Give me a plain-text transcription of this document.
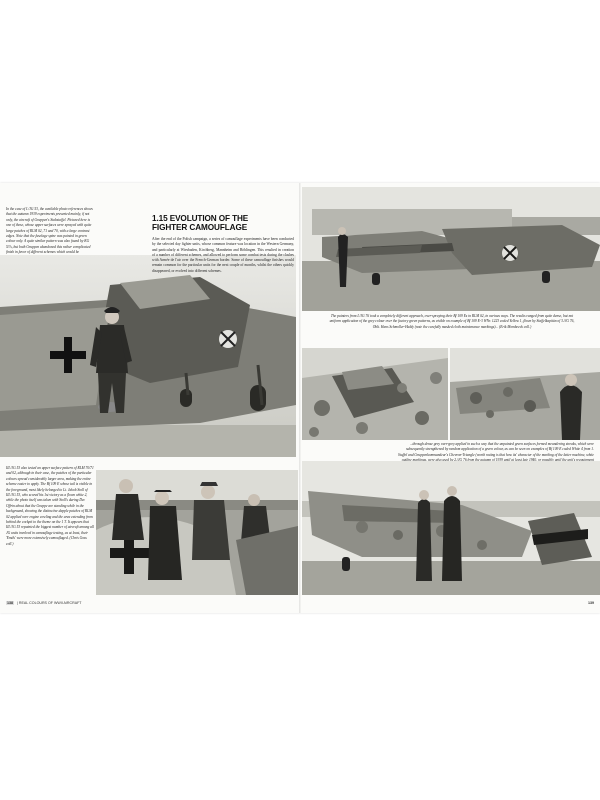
In the case of I./JG 53, the available photo references shows that the autumn 1939 experiments presented mainly, if not only, the aircraft of Gruppen's Stabstaffel. Pictured here is one of these, whose upper surfaces were sprayed with quite large patches of RLM 02, 71 and 70, with a large contrast edges. Note that the fuselage spine was painted in green colour only. A quite similar pattern was also found by KG 53's, but both Gruppen abandoned this rather complicated finish in favor of different schemes which would be

1.15 EVOLUTION OF THE FIGHTER CAMOUFLAGE

After the end of the Polish campaign, a series of camouflage experiments have been conducted by the selected day fighter units, whose common feature was location in the Western Germany, and particularly at Wiesbaden, Kirchberg, Mannheim and Böblingen. This resulted in creation of a number of different schemes, and allowed to perform some combat tests during the clashes with Armée de l'air over the French-German border. Some of these camouflage finishes would remain common for the particular units for the next couple of months, whilst the others quickly disappeared, or evolved into different schemes.

III./JG 53 also tested an upper surface pattern of RLM 70/71 and 02, although in their case, the patches of the particular colours spread considerably larger area, making the entire scheme easier to apply. The Bf 109 E whose tail is visible in the foreground, most likely belonged to Lt. Jakob Stoll of III./JG 53, who scored his 1st victory as a flown white 2, while the photo itself was taken with Stoll's during Dec Offrin about that the Gruppe are standing while in the background, showing the distinctive dapple patches of RLM 02 applied over engine cowling and the area extending from behind the cockpit to the theme on the 1 T. It appears that III./JG 53 repainted the biggest number of aircraft among all JG units involved in camouflage testing, as at least, their 'Emils' were more extensively camouflaged. (Chris Goss coll.)

138 | REAL COLOURS OF WWII AIRCRAFT

The painters from I./JG 76 took a completely different approach, over-spraying their Bf 109 Es in RLM 02, in various ways. The results ranged from quite dense, but not uniform application of the grey colour over the factory green patterns, as visible on example of Bf 109 E-3 WNr. 1223 coded Yellow 1, flown by Staffelkapitän of 3./JG 76, Oblt. Hans Schmoller-Haldy (note the carefully masked cloth maintenance markings)... (Erik Mombeeck coll.)

...through dense grey over-grey applied in such a way that the unpainted green surfaces formed meandering streaks, which were subsequently strengthened by random application of a green colour, as can be seen on examples of Bf 109 E coded White 4 from 1. Staffel and Gruppenkommandeur's Chevron-Triangle (worth noting is that how its' character of the marking of the latter machine, white

139
